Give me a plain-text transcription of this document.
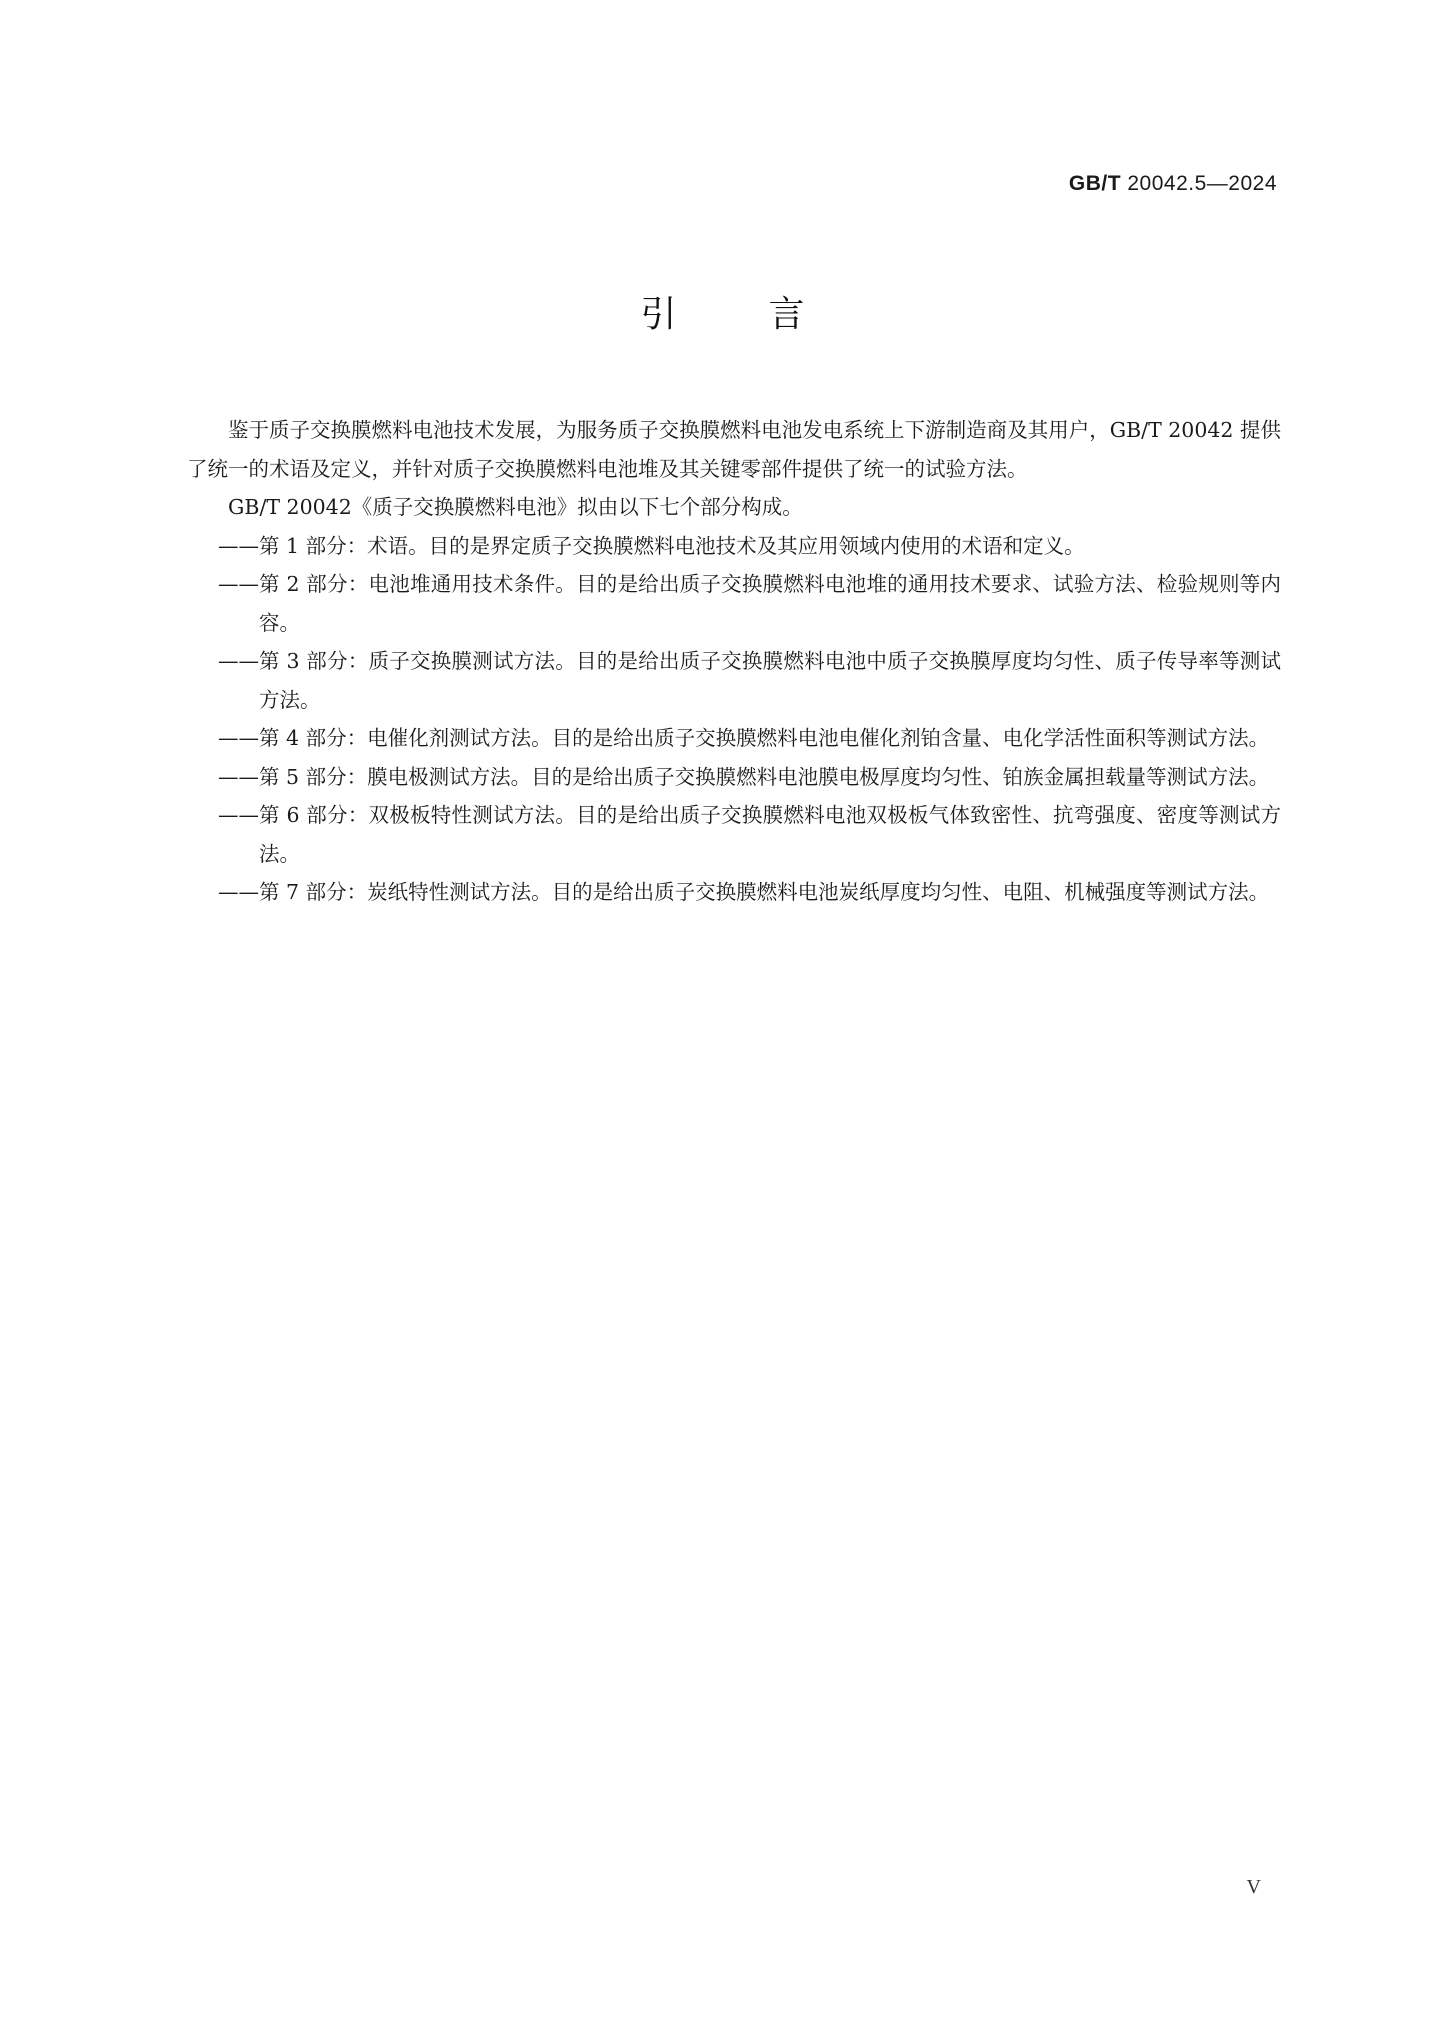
GB/T 20042.5—2024
引言

鉴于质子交换膜燃料电池技术发展，为服务质子交换膜燃料电池发电系统上下游制造商及其用户，GB/T 20042 提供了统一的术语及定义，并针对质子交换膜燃料电池堆及其关键零部件提供了统一的试验方法。

GB/T 20042《质子交换膜燃料电池》拟由以下七个部分构成。

—— 第 1 部分：术语。目的是界定质子交换膜燃料电池技术及其应用领域内使用的术语和定义。

—— 第 2 部分：电池堆通用技术条件。目的是给出质子交换膜燃料电池堆的通用技术要求、试验方法、检验规则等内容。

—— 第 3 部分：质子交换膜测试方法。目的是给出质子交换膜燃料电池中质子交换膜厚度均匀性、质子传导率等测试方法。

—— 第 4 部分：电催化剂测试方法。目的是给出质子交换膜燃料电池电催化剂铂含量、电化学活性面积等测试方法。

—— 第 5 部分：膜电极测试方法。目的是给出质子交换膜燃料电池膜电极厚度均匀性、铂族金属担载量等测试方法。

—— 第 6 部分：双极板特性测试方法。目的是给出质子交换膜燃料电池双极板气体致密性、抗弯强度、密度等测试方法。

—— 第 7 部分：炭纸特性测试方法。目的是给出质子交换膜燃料电池炭纸厚度均匀性、电阻、机械强度等测试方法。

V
